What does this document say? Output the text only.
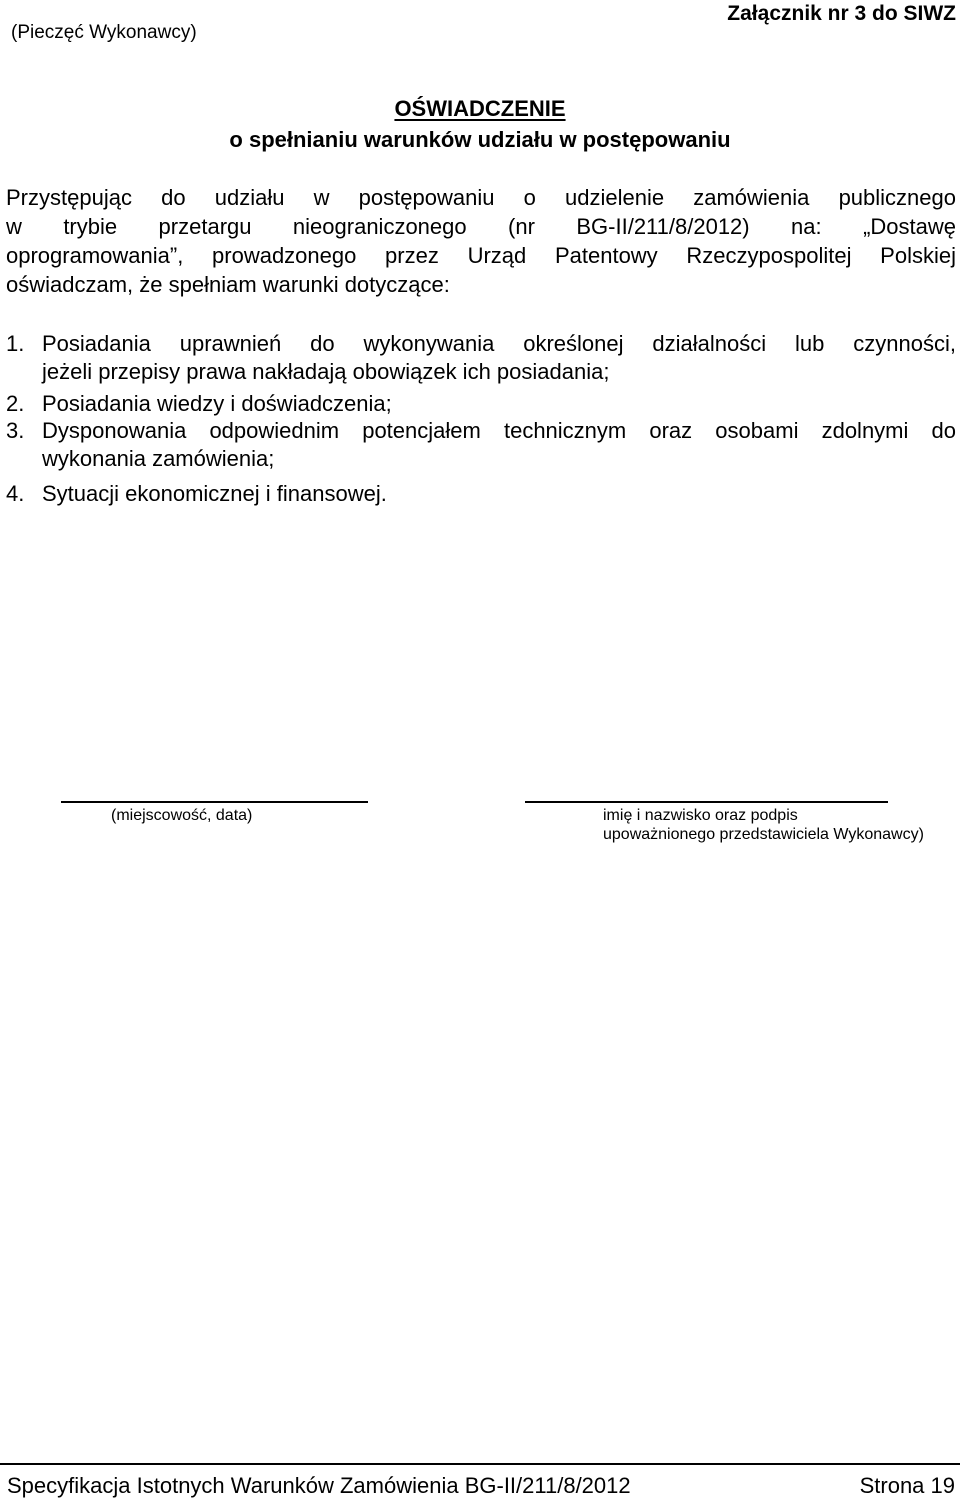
(Pieczęć Wykonawcy)
Załącznik nr 3 do SIWZ
OŚWIADCZENIE
o spełnianiu warunków udziału w postępowaniu
Przystępując do udziału w postępowaniu o udzielenie zamówienia publicznego
w trybie przetargu nieograniczonego (nr BG-II/211/8/2012) na: „Dostawę
oprogramowania”, prowadzonego przez Urząd Patentowy Rzeczypospolitej Polskiej
oświadczam, że spełniam warunki dotyczące:
1. Posiadania uprawnień do wykonywania określonej działalności lub czynności,
jeżeli przepisy prawa nakładają obowiązek ich posiadania;
2. Posiadania wiedzy i doświadczenia;
3. Dysponowania odpowiednim potencjałem technicznym oraz osobami zdolnymi do
wykonania zamówienia;
4. Sytuacji ekonomicznej i finansowej.
(miejscowość, data)	imię i nazwisko oraz podpis
upoważnionego przedstawiciela Wykonawcy)
Specyfikacja Istotnych Warunków Zamówienia BG-II/211/8/2012	Strona 19
